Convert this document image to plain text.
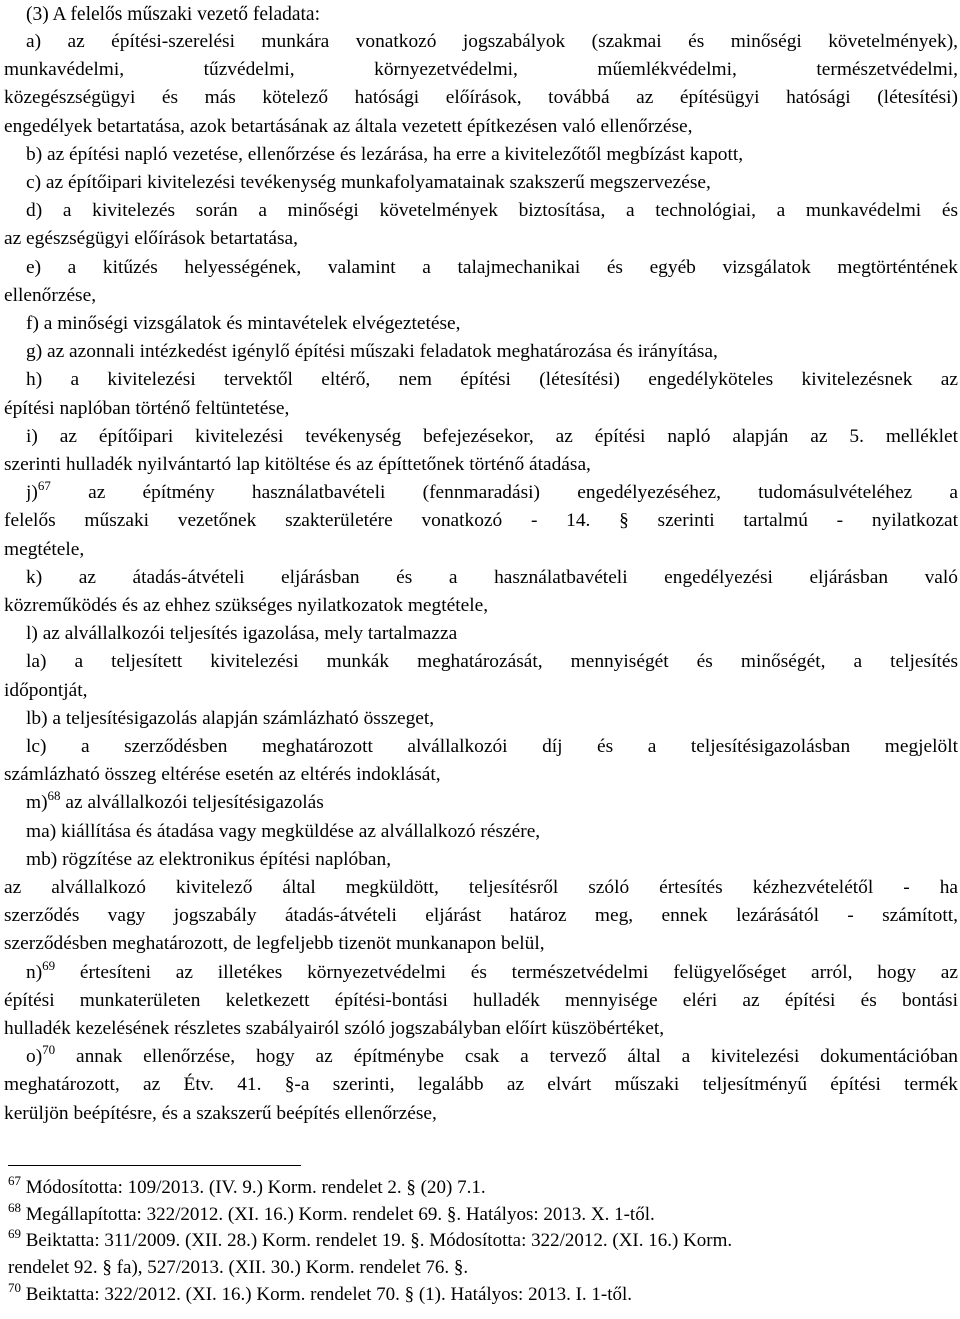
(3) A felelős műszaki vezető feladata:
a) az építési-szerelési munkára vonatkozó jogszabályok (szakmai és minőségi követelmények),
munkavédelmi, tűzvédelmi, környezetvédelmi, műemlékvédelmi, természetvédelmi,
közegészségügyi és más kötelező hatósági előírások, továbbá az építésügyi hatósági (létesítési)
engedélyek betartatása, azok betartásának az általa vezetett építkezésen való ellenőrzése,
b) az építési napló vezetése, ellenőrzése és lezárása, ha erre a kivitelezőtől megbízást kapott,
c) az építőipari kivitelezési tevékenység munkafolyamatainak szakszerű megszervezése,
d) a kivitelezés során a minőségi követelmények biztosítása, a technológiai, a munkavédelmi és
az egészségügyi előírások betartatása,
e) a kitűzés helyességének, valamint a talajmechanikai és egyéb vizsgálatok megtörténtének
ellenőrzése,
f) a minőségi vizsgálatok és mintavételek elvégeztetése,
g) az azonnali intézkedést igénylő építési műszaki feladatok meghatározása és irányítása,
h) a kivitelezési tervektől eltérő, nem építési (létesítési) engedélyköteles kivitelezésnek az
építési naplóban történő feltüntetése,
i) az építőipari kivitelezési tevékenység befejezésekor, az építési napló alapján az 5. melléklet
szerinti hulladék nyilvántartó lap kitöltése és az építtetőnek történő átadása,
j)$^{67}$ az építmény használatbavételi (fennmaradási) engedélyezéséhez, tudomásulvételéhez a
felelős műszaki vezetőnek szakterületére vonatkozó - 14. § szerinti tartalmú - nyilatkozat
megtétele,
k) az átadás-átvételi eljárásban és a használatbavételi engedélyezési eljárásban való
közreműködés és az ehhez szükséges nyilatkozatok megtétele,
l) az alvállalkozói teljesítés igazolása, mely tartalmazza
la) a teljesített kivitelezési munkák meghatározását, mennyiségét és minőségét, a teljesítés
időpontját,
lb) a teljesítésigazolás alapján számlázható összeget,
lc) a szerződésben meghatározott alvállalkozói díj és a teljesítésigazolásban megjelölt
számlázható összeg eltérése esetén az eltérés indoklását,
m)$^{68}$ az alvállalkozói teljesítésigazolás
ma) kiállítása és átadása vagy megküldése az alvállalkozó részére,
mb) rögzítése az elektronikus építési naplóban,
az alvállalkozó kivitelező által megküldött, teljesítésről szóló értesítés kézhezvételétől - ha
szerződés vagy jogszabály átadás-átvételi eljárást határoz meg, ennek lezárásától - számított,
szerződésben meghatározott, de legfeljebb tizenöt munkanapon belül,
n)$^{69}$ értesíteni az illetékes környezetvédelmi és természetvédelmi felügyelőséget arról, hogy az
építési munkaterületen keletkezett építési-bontási hulladék mennyisége eléri az építési és bontási
hulladék kezelésének részletes szabályairól szóló jogszabályban előírt küszöbértéket,
o)$^{70}$ annak ellenőrzése, hogy az építménybe csak a tervező által a kivitelezési dokumentációban
meghatározott, az Étv. 41. §-a szerinti, legalább az elvárt műszaki teljesítményű építési termék
kerüljön beépítésre, és a szakszerű beépítés ellenőrzése,
$^{67}$ Módosította: 109/2013. (IV. 9.) Korm. rendelet 2. § (20) 7.1.
$^{68}$ Megállapította: 322/2012. (XI. 16.) Korm. rendelet 69. §. Hatályos: 2013. X. 1-től.
$^{69}$ Beiktatta: 311/2009. (XII. 28.) Korm. rendelet 19. §. Módosította: 322/2012. (XI. 16.) Korm.
rendelet 92. § fa), 527/2013. (XII. 30.) Korm. rendelet 76. §.
$^{70}$ Beiktatta: 322/2012. (XI. 16.) Korm. rendelet 70. § (1). Hatályos: 2013. I. 1-től.
